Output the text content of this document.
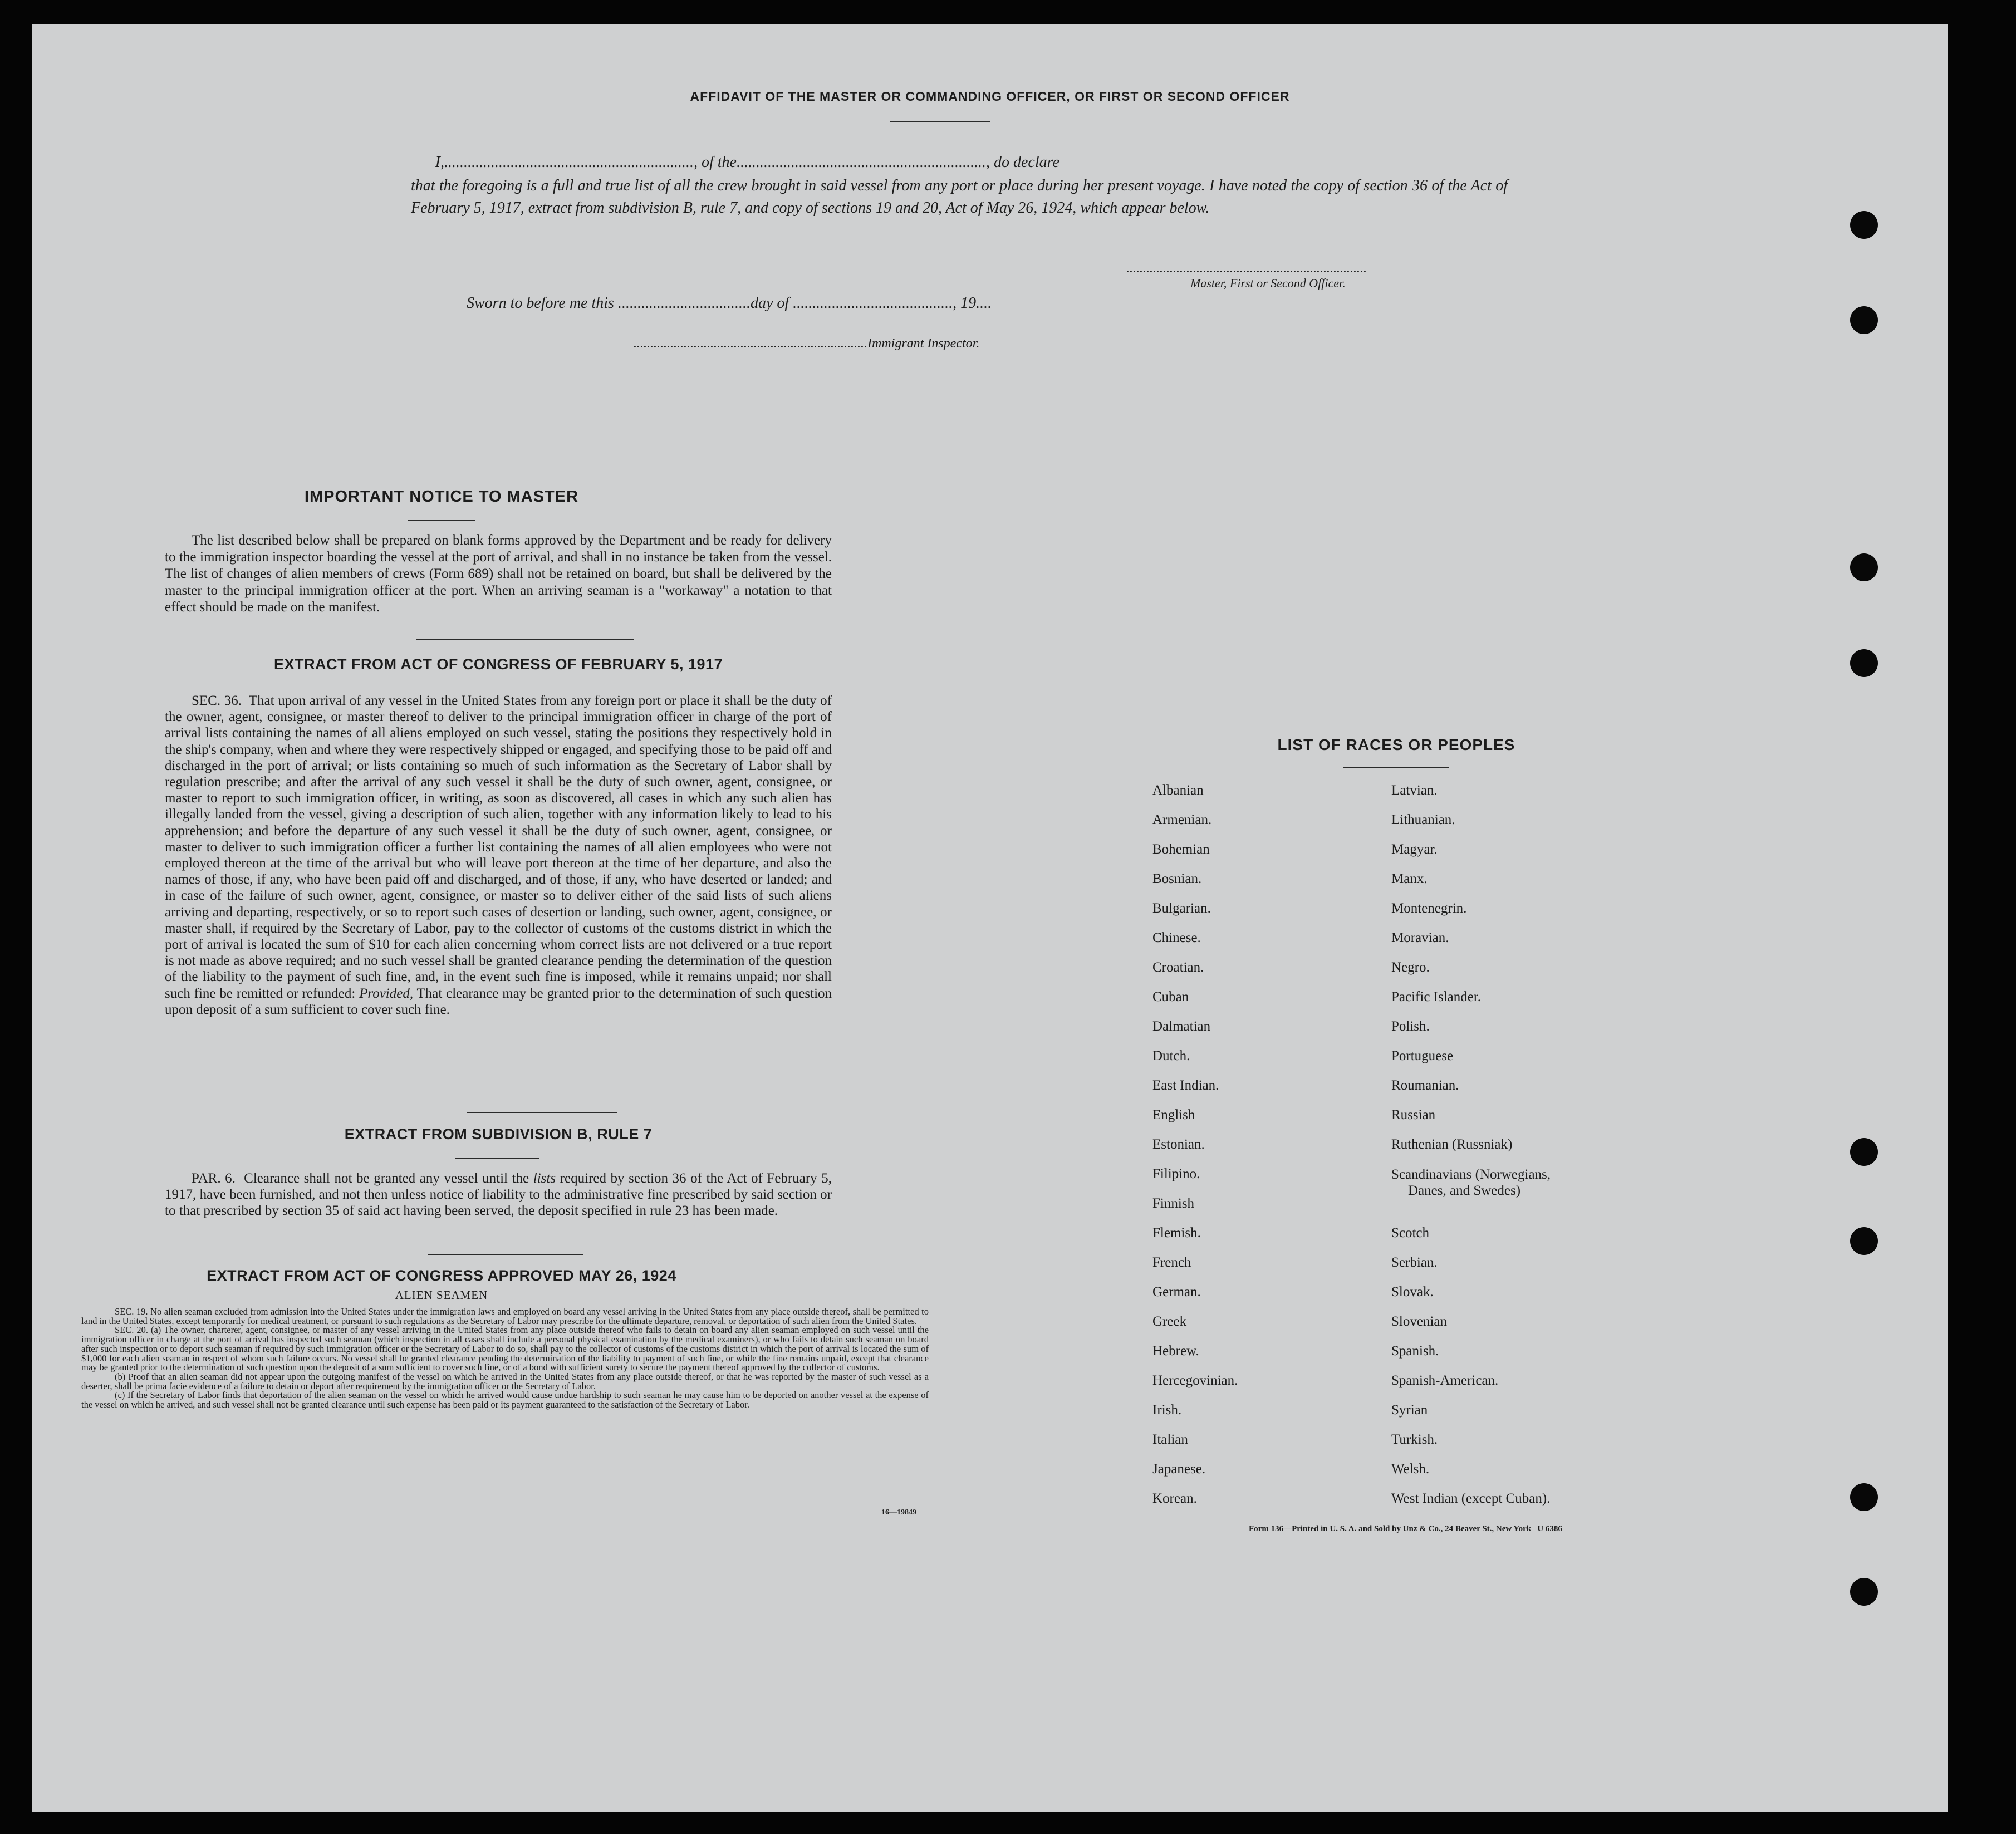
AFFIDAVIT OF THE MASTER OR COMMANDING OFFICER, OR FIRST OR SECOND OFFICER
I,................................................................, of the................................................................, do declare
that the foregoing is a full and true list of all the crew brought in said vessel from any port or place during her present voyage. I have noted the copy of section 36 of the Act of February 5, 1917, extract from subdivision B, rule 7, and copy of sections 19 and 20, Act of May 26, 1924, which appear below.
........................................................................
Master, First or Second Officer.
Sworn to before me this ..................................day of ........................................., 19....
......................................................................Immigrant Inspector.
IMPORTANT NOTICE TO MASTER
The list described below shall be prepared on blank forms approved by the Department and be ready for delivery to the immigration inspector boarding the vessel at the port of arrival, and shall in no instance be taken from the vessel. The list of changes of alien members of crews (Form 689) shall not be retained on board, but shall be delivered by the master to the principal immigration officer at the port. When an arriving seaman is a "workaway" a notation to that effect should be made on the manifest.
EXTRACT FROM ACT OF CONGRESS OF FEBRUARY 5, 1917
SEC. 36. That upon arrival of any vessel in the United States from any foreign port or place it shall be the duty of the owner, agent, consignee, or master thereof to deliver to the principal immigration officer in charge of the port of arrival lists containing the names of all aliens employed on such vessel, stating the positions they respectively hold in the ship's company, when and where they were respectively shipped or engaged, and specifying those to be paid off and discharged in the port of arrival; or lists containing so much of such information as the Secretary of Labor shall by regulation prescribe; and after the arrival of any such vessel it shall be the duty of such owner, agent, consignee, or master to report to such immigration officer, in writing, as soon as discovered, all cases in which any such alien has illegally landed from the vessel, giving a description of such alien, together with any information likely to lead to his apprehension; and before the departure of any such vessel it shall be the duty of such owner, agent, consignee, or master to deliver to such immigration officer a further list containing the names of all alien employees who were not employed thereon at the time of the arrival but who will leave port thereon at the time of her departure, and also the names of those, if any, who have been paid off and discharged, and of those, if any, who have deserted or landed; and in case of the failure of such owner, agent, consignee, or master so to deliver either of the said lists of such aliens arriving and departing, respectively, or so to report such cases of desertion or landing, such owner, agent, consignee, or master shall, if required by the Secretary of Labor, pay to the collector of customs of the customs district in which the port of arrival is located the sum of $10 for each alien concerning whom correct lists are not delivered or a true report is not made as above required; and no such vessel shall be granted clearance pending the determination of the question of the liability to the payment of such fine, and, in the event such fine is imposed, while it remains unpaid; nor shall such fine be remitted or refunded: Provided, That clearance may be granted prior to the determination of such question upon deposit of a sum sufficient to cover such fine.
EXTRACT FROM SUBDIVISION B, RULE 7
PAR. 6. Clearance shall not be granted any vessel until the lists required by section 36 of the Act of February 5, 1917, have been furnished, and not then unless notice of liability to the administrative fine prescribed by said section or to that prescribed by section 35 of said act having been served, the deposit specified in rule 23 has been made.
EXTRACT FROM ACT OF CONGRESS APPROVED MAY 26, 1924
ALIEN SEAMEN
SEC. 19. No alien seaman excluded from admission into the United States under the immigration laws and employed on board any vessel arriving in the United States from any place outside thereof, shall be permitted to land in the United States, except temporarily for medical treatment, or pursuant to such regulations as the Secretary of Labor may prescribe for the ultimate departure, removal, or deportation of such alien from the United States.
SEC. 20. (a) The owner, charterer, agent, consignee, or master of any vessel arriving in the United States from any place outside thereof who fails to detain on board any alien seaman employed on such vessel until the immigration officer in charge at the port of arrival has inspected such seaman (which inspection in all cases shall include a personal physical examination by the medical examiners), or who fails to detain such seaman on board after such inspection or to deport such seaman if required by such immigration officer or the Secretary of Labor to do so, shall pay to the collector of customs of the customs district in which the port of arrival is located the sum of $1,000 for each alien seaman in respect of whom such failure occurs. No vessel shall be granted clearance pending the determination of the liability to payment of such fine, or while the fine remains unpaid, except that clearance may be granted prior to the determination of such question upon the deposit of a sum sufficient to cover such fine, or of a bond with sufficient surety to secure the payment thereof approved by the collector of customs.
(b) Proof that an alien seaman did not appear upon the outgoing manifest of the vessel on which he arrived in the United States from any place outside thereof, or that he was reported by the master of such vessel as a deserter, shall be prima facie evidence of a failure to detain or deport after requirement by the immigration officer or the Secretary of Labor.
(c) If the Secretary of Labor finds that deportation of the alien seaman on the vessel on which he arrived would cause undue hardship to such seaman he may cause him to be deported on another vessel at the expense of the vessel on which he arrived, and such vessel shall not be granted clearance until such expense has been paid or its payment guaranteed to the satisfaction of the Secretary of Labor.
16—19849
LIST OF RACES OR PEOPLES
Albanian
Armenian.
Bohemian
Bosnian.
Bulgarian.
Chinese.
Croatian.
Cuban
Dalmatian
Dutch.
East Indian.
English
Estonian.
Filipino.
Finnish
Flemish.
French
German.
Greek
Hebrew.
Hercegovinian.
Irish.
Italian
Japanese.
Korean.
Latvian.
Lithuanian.
Magyar.
Manx.
Montenegrin.
Moravian.
Negro.
Pacific Islander.
Polish.
Portuguese
Roumanian.
Russian
Ruthenian (Russniak)
Scandinavians (Norwegians,
Danes, and Swedes)
Scotch
Serbian.
Slovak.
Slovenian
Spanish.
Spanish-American.
Syrian
Turkish.
Welsh.
West Indian (except Cuban).
Form 136—Printed in U. S. A. and Sold by Unz & Co., 24 Beaver St., New York   U 6386
